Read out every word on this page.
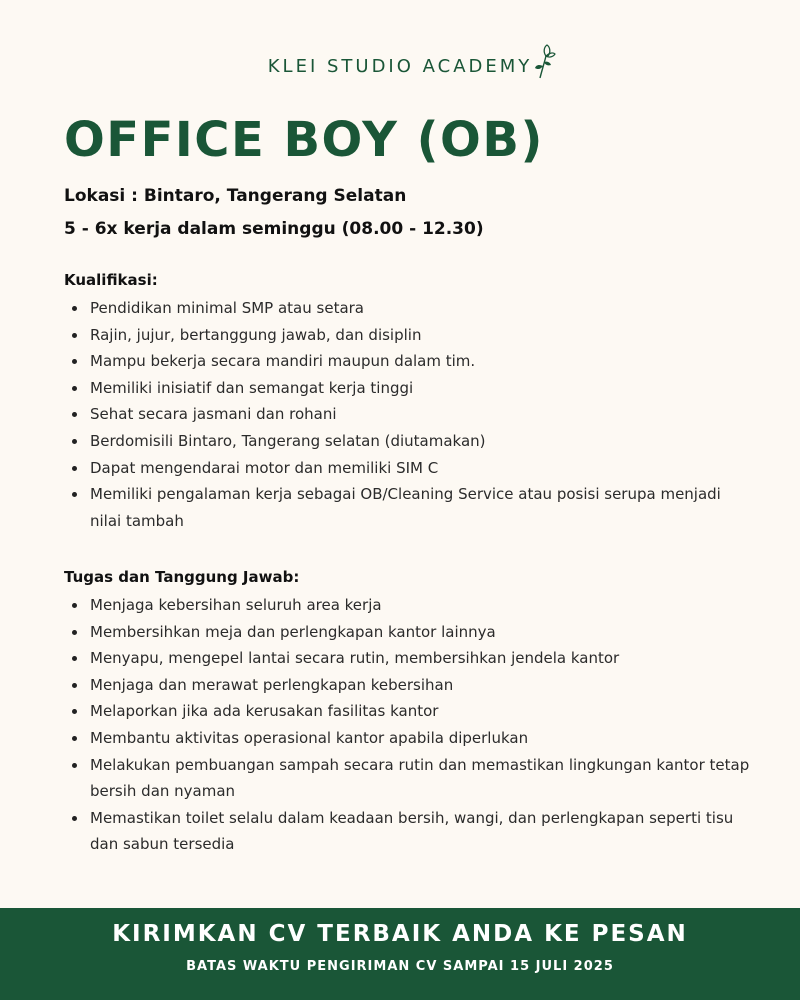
KLEI STUDIO ACADEMY
OFFICE BOY (OB)
Lokasi : Bintaro, Tangerang Selatan
5 - 6x kerja dalam seminggu (08.00 - 12.30)
Kualifikasi:
Pendidikan minimal SMP atau setara
Rajin, jujur, bertanggung jawab, dan disiplin
Mampu bekerja secara mandiri maupun dalam tim.
Memiliki inisiatif dan semangat kerja tinggi
Sehat secara jasmani dan rohani
Berdomisili Bintaro, Tangerang selatan (diutamakan)
Dapat mengendarai motor dan memiliki SIM C
Memiliki pengalaman kerja sebagai OB/Cleaning Service atau posisi serupa menjadi nilai tambah
Tugas dan Tanggung Jawab:
Menjaga kebersihan seluruh area kerja
Membersihkan meja dan perlengkapan kantor lainnya
Menyapu, mengepel lantai secara rutin, membersihkan jendela kantor
Menjaga dan merawat perlengkapan kebersihan
Melaporkan jika ada kerusakan fasilitas kantor
Membantu aktivitas operasional kantor apabila diperlukan
Melakukan pembuangan sampah secara rutin dan memastikan lingkungan kantor tetap bersih dan nyaman
Memastikan toilet selalu dalam keadaan bersih, wangi, dan perlengkapan seperti tisu dan sabun tersedia
KIRIMKAN CV TERBAIK ANDA KE PESAN
BATAS WAKTU PENGIRIMAN CV SAMPAI 15 JULI 2025
